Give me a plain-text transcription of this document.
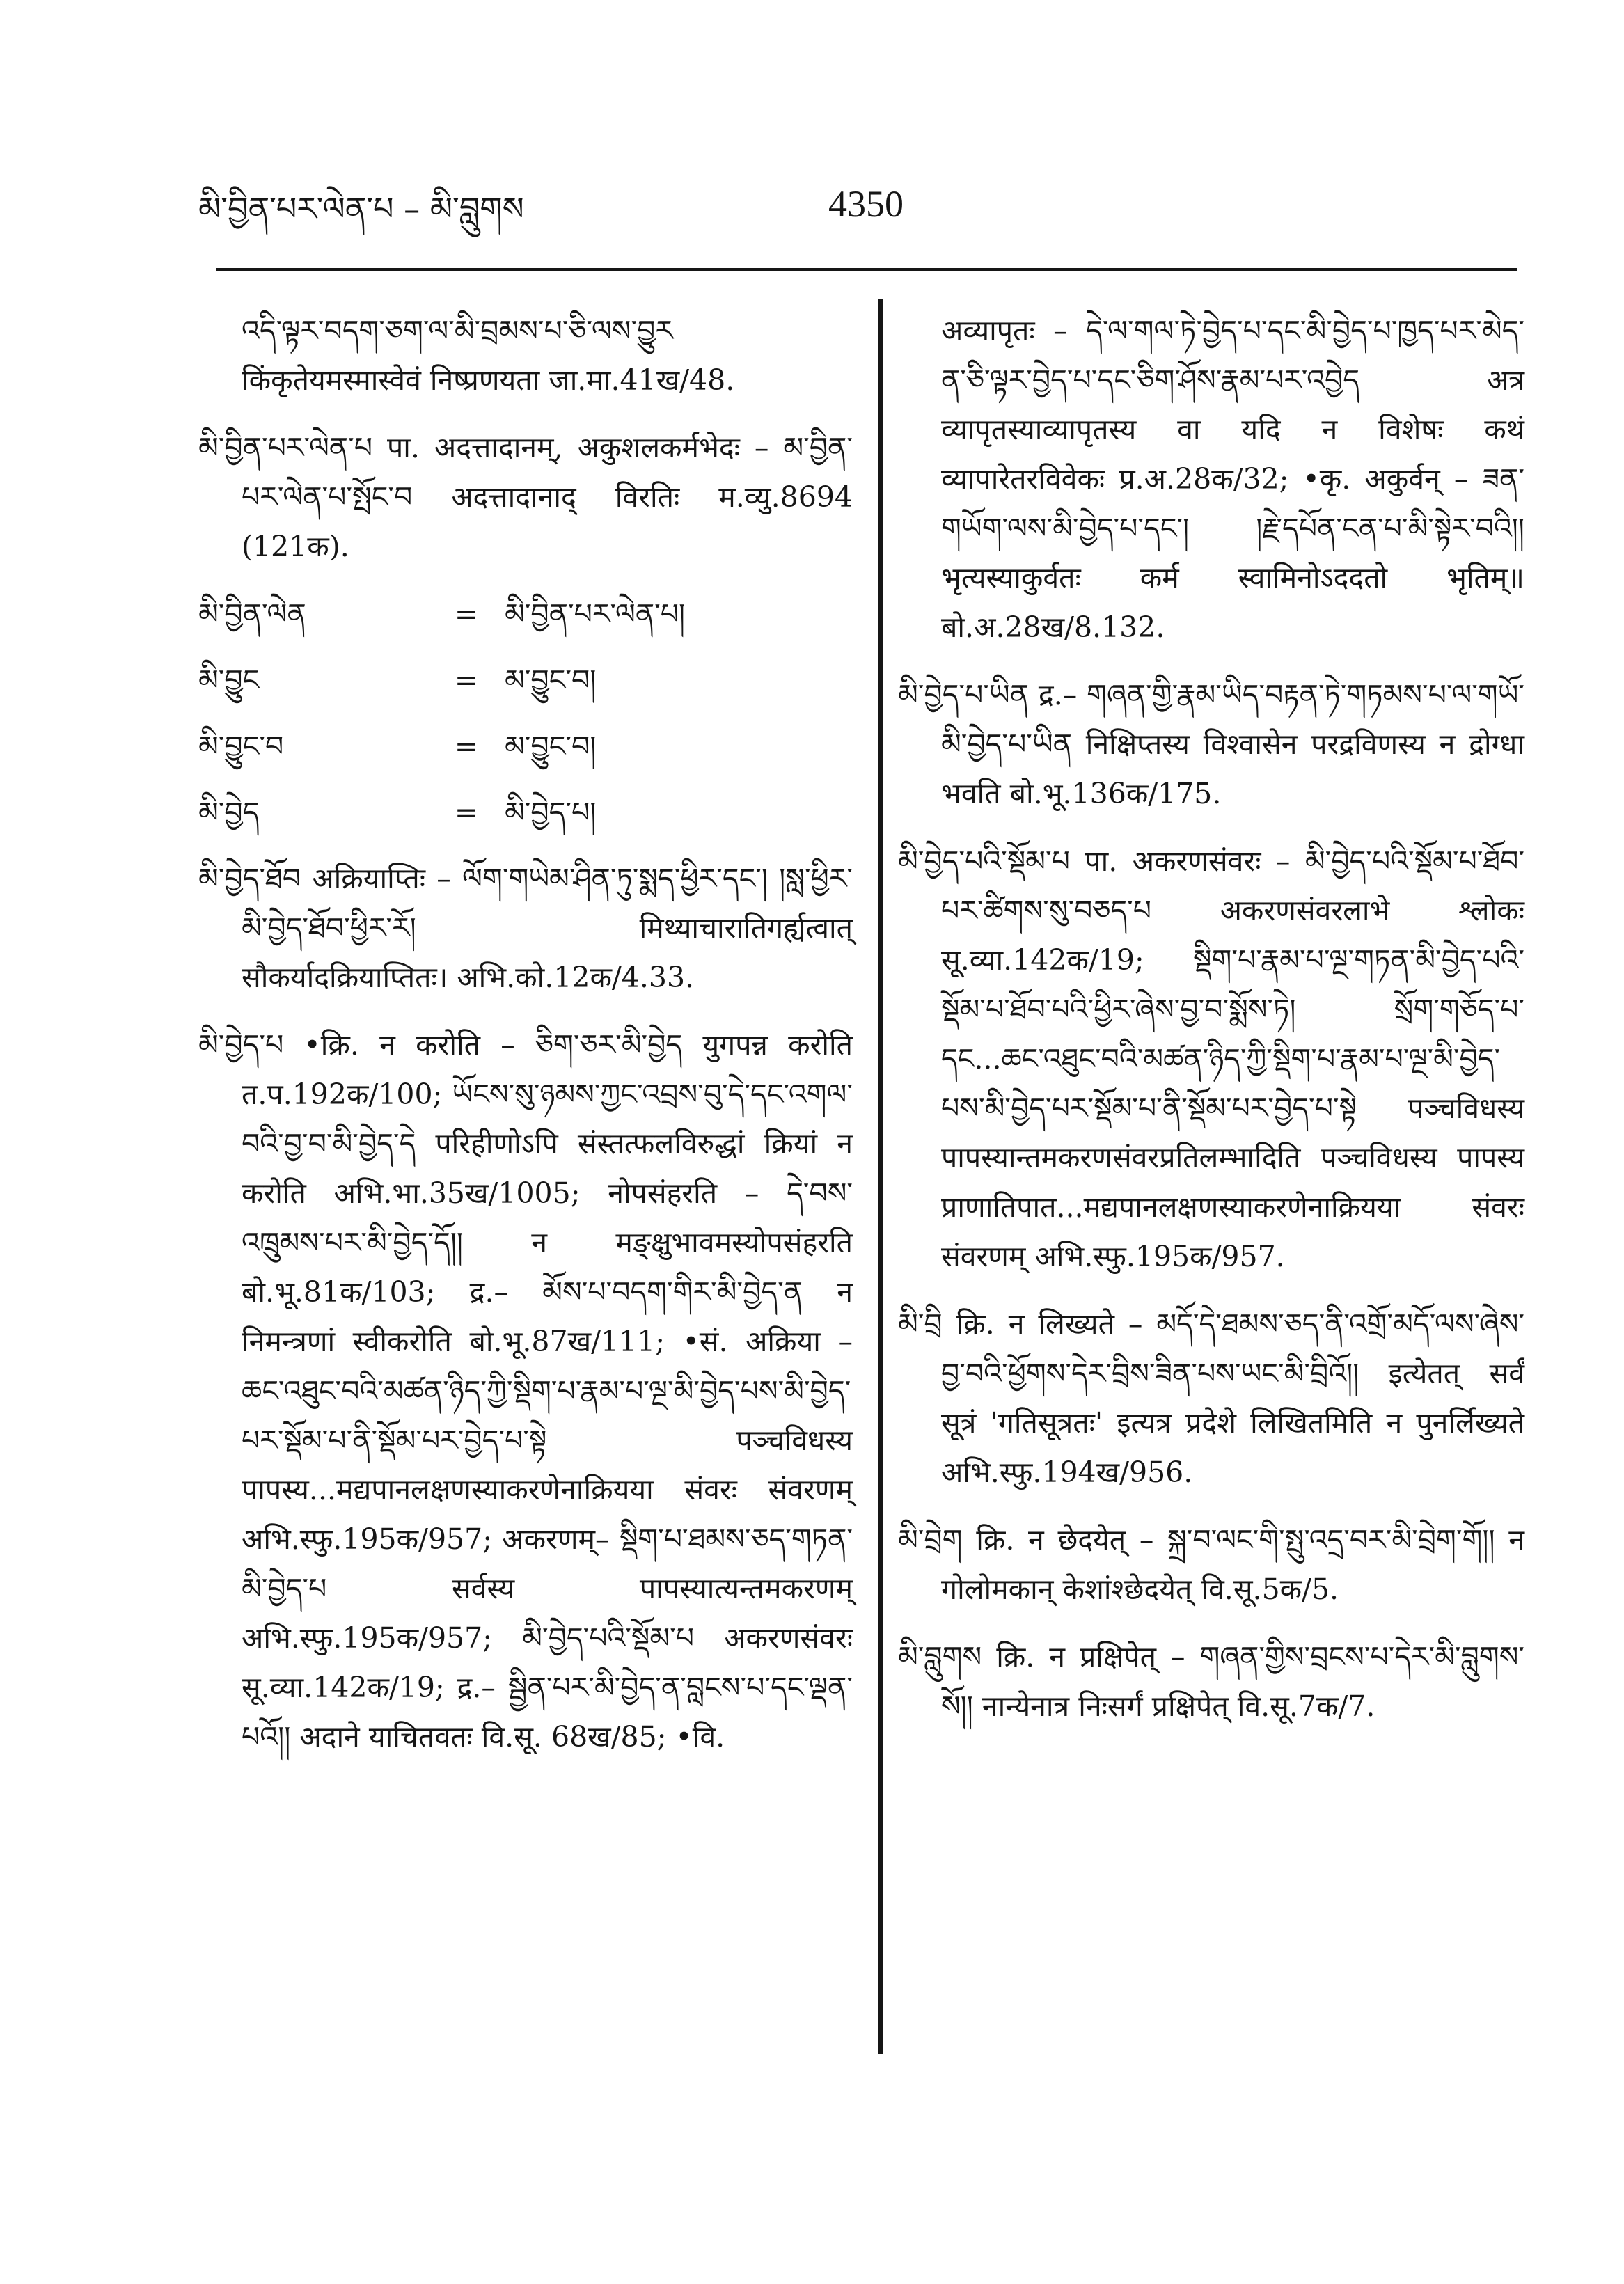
མི་བྱིན་པར་ལེན་པ – མི་བླུགས	4350

འདི་ལྟར་བདག་ཅག་ལ་མི་བྲམས་པ་ཅི་ལས་བྱུར किंकृतेयमस्मास्वेवं निष्प्रणयता जा.मा.41ख/48.

མི་བྱིན་པར་ལེན་པ पा. अदत्तादानम्, अकुशलकर्मभेदः – མ་བྱིན་པར་ལེན་པ་སྤོང་བ अदत्तादानाद् विरतिः म.व्यु.8694 (121क).

མི་བྱིན་ལེན	= མི་བྱིན་པར་ལེན་པ།
མི་བྱུང	= མ་བྱུང་བ།
མི་བྱུང་བ	= མ་བྱུང་བ།
མི་བྱེད	= མི་བྱེད་པ།

མི་བྱེད་ཐོབ अक्रियाप्तिः – ལོག་གཡེམ་ཤིན་ཏུ་སྨད་ཕྱིར་དང་། །སླ་ཕྱིར་མི་བྱེད་ཐོབ་ཕྱིར་རོ། मिथ्याचारातिगर्ह्यत्वात् सौकर्यादक्रियाप्तितः। अभि.को.12क/4.33.

མི་བྱེད་པ •क्रि. न करोति – ཅིག་ཅར་མི་བྱེད युगपन्न करोति त.प.192क/100; ཡོངས་སུ་ཉམས་ཀྱང་འབྲས་བུ་དེ་དང་འགལ་བའི་བྱ་བ་མི་བྱེད་དེ परिहीणोऽपि संस्तत्फलविरुद्धां क्रियां न करोति अभि.भा.35ख/1005; नोपसंहरति – དེ་བས་འཁྲུམས་པར་མི་བྱེད་དོ།། न मङ्क्षुभावमस्योपसंहरति बो.भू.81क/103; द्र.– མོས་པ་བདག་གིར་མི་བྱེད་ན न निमन्त्रणां स्वीकरोति बो.भू.87ख/111; •सं. अक्रिया – ཆང་འཐུང་བའི་མཚན་ཉིད་ཀྱི་སྡིག་པ་རྣམ་པ་ལྔ་མི་བྱེད་པས་མི་བྱེད་པར་སྡོམ་པ་ནི་སྡོམ་པར་བྱེད་པ་སྟེ पञ्चविधस्य पापस्य...मद्यपानलक्षणस्याकरणेनाक्रियया संवरः संवरणम् अभि.स्फु.195क/957; अकरणम्– སྡིག་པ་ཐམས་ཅད་གཏན་མི་བྱེད་པ सर्वस्य पापस्यात्यन्तमकरणम् अभि.स्फु.195क/957; མི་བྱེད་པའི་སྡོམ་པ अकरणसंवरः सू.व्या.142क/19; द्र.– སྦྱིན་པར་མི་བྱེད་ན་བླངས་པ་དང་ལྡན་པའོ།། अदाने याचितवतः वि.सू. 68ख/85; •वि.

अव्यापृतः – དེ་ལ་གལ་ཏེ་བྱེད་པ་དང་མི་བྱེད་པ་ཁྱད་པར་མེད་ན་ཅི་ལྟར་བྱེད་པ་དང་ཅིག་ཤོས་རྣམ་པར་འབྱེད अत्र व्यापृतस्याव्यापृतस्य वा यदि न विशेषः कथं व्यापारेतरविवेकः प्र.अ.28क/32; •कृ. अकुर्वन् – ཟན་གཡོག་ལས་མི་བྱེད་པ་དང་། །རྗེ་དཔོན་ངན་པ་མི་སྟེར་བའི།། भृत्यस्याकुर्वतः कर्म स्वामिनोऽददतो भृतिम्॥ बो.अ.28ख/8.132.

མི་བྱེད་པ་ཡིན द्र.– གཞན་གྱི་རྣམ་ཡིད་བརྟན་ཏེ་གཏམས་པ་ལ་གཡོ་མི་བྱེད་པ་ཡིན निक्षिप्तस्य विश्वासेन परद्रविणस्य न द्रोग्धा भवति बो.भू.136क/175.

མི་བྱེད་པའི་སྡོམ་པ पा. अकरणसंवरः – མི་བྱེད་པའི་སྡོམ་པ་ཐོབ་པར་ཚིགས་སུ་བཅད་པ अकरणसंवरलाभे श्लोकः सू.व्या.142क/19; སྡིག་པ་རྣམ་པ་ལྔ་གཏན་མི་བྱེད་པའི་སྡོམ་པ་ཐོབ་པའི་ཕྱིར་ཞེས་བྱ་བ་སྨོས་ཏེ། སྲོག་གཅོད་པ་དང...ཆང་འཐུང་བའི་མཚན་ཉིད་ཀྱི་སྡིག་པ་རྣམ་པ་ལྔ་མི་བྱེད་པས་མི་བྱེད་པར་སྡོམ་པ་ནི་སྡོམ་པར་བྱེད་པ་སྟེ पञ्चविधस्य पापस्यान्तमकरणसंवरप्रतिलम्भादिति पञ्चविधस्य पापस्य प्राणातिपात...मद्यपानलक्षणस्याकरणेनाक्रियया संवरः संवरणम् अभि.स्फु.195क/957.

མི་བྲི क्रि. न लिख्यते – མདོ་དེ་ཐམས་ཅད་ནི་འགྲོ་མདོ་ལས་ཞེས་བྱ་བའི་ཕྱོགས་དེར་བྲིས་ཟིན་པས་ཡང་མི་བྲིའོ།། इत्येतत् सर्वं सूत्रं 'गतिसूत्रतः' इत्यत्र प्रदेशे लिखितमिति न पुनर्लिख्यते अभि.स्फु.194ख/956.

མི་བྲེག क्रि. न छेदयेत् – སྐྲ་བ་ལང་གི་སྤུ་འདྲ་བར་མི་བྲེག་གོ།། न गोलोमकान् केशांश्छेदयेत् वि.सू.5क/5.

མི་བླུགས क्रि. न प्रक्षिपेत् – གཞན་གྱིས་བྲངས་པ་དེར་མི་བླུགས་སོ།། नान्येनात्र निःसर्गं प्रक्षिपेत् वि.सू.7क/7.
